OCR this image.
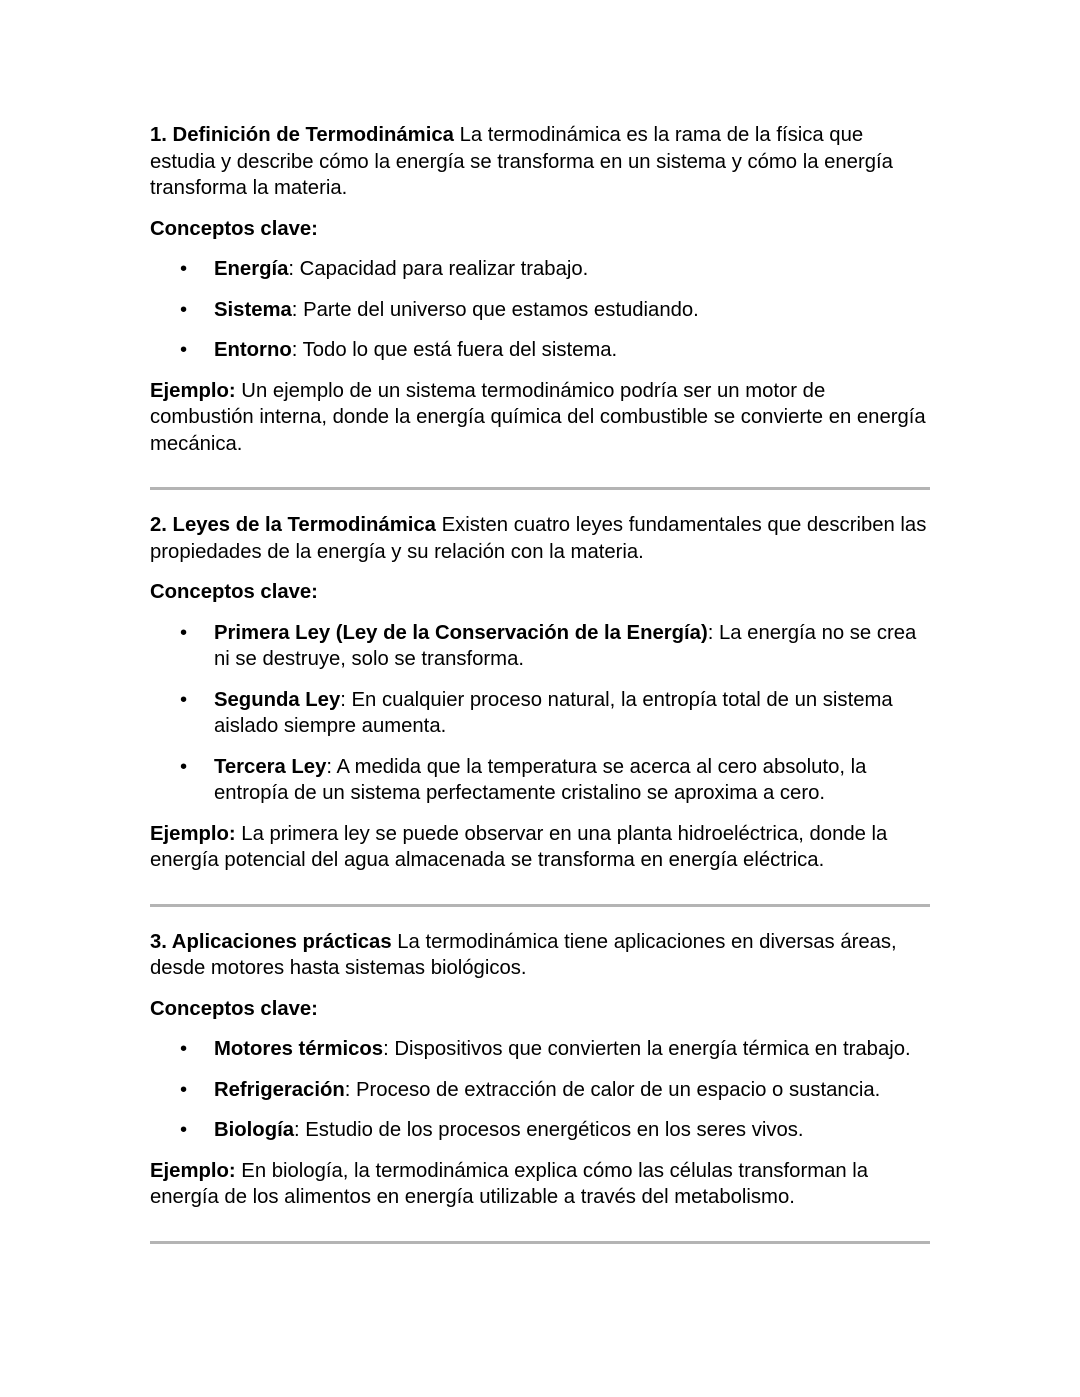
1. Definición de Termodinámica La termodinámica es la rama de la física que estudia y describe cómo la energía se transforma en un sistema y cómo la energía transforma la materia.

Conceptos clave:

• Energía: Capacidad para realizar trabajo.
• Sistema: Parte del universo que estamos estudiando.
• Entorno: Todo lo que está fuera del sistema.

Ejemplo: Un ejemplo de un sistema termodinámico podría ser un motor de combustión interna, donde la energía química del combustible se convierte en energía mecánica.

2. Leyes de la Termodinámica Existen cuatro leyes fundamentales que describen las propiedades de la energía y su relación con la materia.

Conceptos clave:

• Primera Ley (Ley de la Conservación de la Energía): La energía no se crea ni se destruye, solo se transforma.
• Segunda Ley: En cualquier proceso natural, la entropía total de un sistema aislado siempre aumenta.
• Tercera Ley: A medida que la temperatura se acerca al cero absoluto, la entropía de un sistema perfectamente cristalino se aproxima a cero.

Ejemplo: La primera ley se puede observar en una planta hidroeléctrica, donde la energía potencial del agua almacenada se transforma en energía eléctrica.

3. Aplicaciones prácticas La termodinámica tiene aplicaciones en diversas áreas, desde motores hasta sistemas biológicos.

Conceptos clave:

• Motores térmicos: Dispositivos que convierten la energía térmica en trabajo.
• Refrigeración: Proceso de extracción de calor de un espacio o sustancia.
• Biología: Estudio de los procesos energéticos en los seres vivos.

Ejemplo: En biología, la termodinámica explica cómo las células transforman la energía de los alimentos en energía utilizable a través del metabolismo.
